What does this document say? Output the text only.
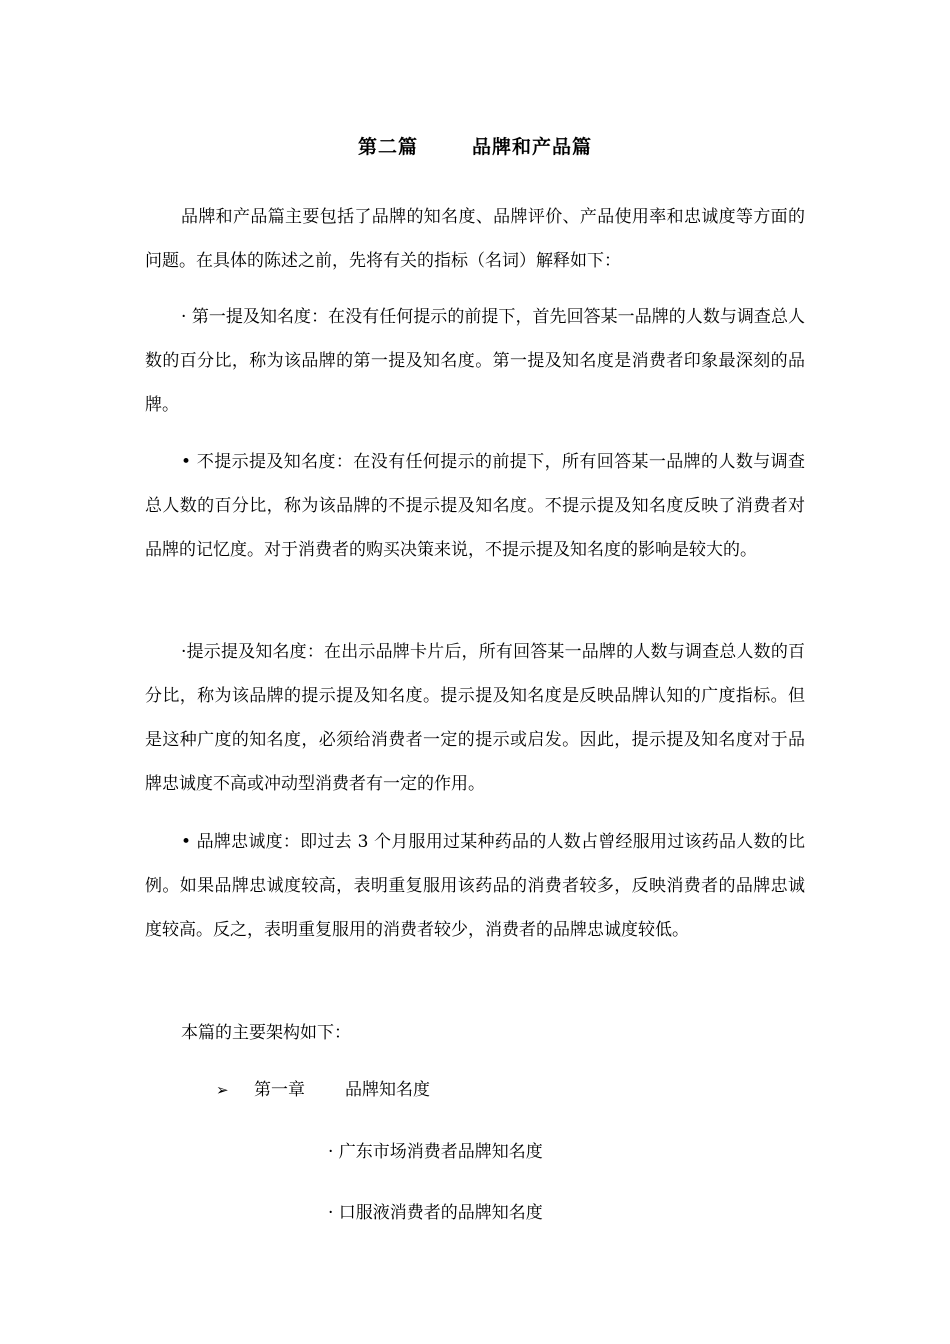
第二篇	品牌和产品篇
品牌和产品篇主要包括了品牌的知名度、品牌评价、产品使用率和忠诚度等方面的问题。在具体的陈述之前，先将有关的指标（名词）解释如下：
· 第一提及知名度：在没有任何提示的前提下，首先回答某一品牌的人数与调查总人数的百分比，称为该品牌的第一提及知名度。第一提及知名度是消费者印象最深刻的品牌。
• 不提示提及知名度：在没有任何提示的前提下，所有回答某一品牌的人数与调查总人数的百分比，称为该品牌的不提示提及知名度。不提示提及知名度反映了消费者对品牌的记忆度。对于消费者的购买决策来说，不提示提及知名度的影响是较大的。
·提示提及知名度：在出示品牌卡片后，所有回答某一品牌的人数与调查总人数的百分比，称为该品牌的提示提及知名度。提示提及知名度是反映品牌认知的广度指标。但是这种广度的知名度，必须给消费者一定的提示或启发。因此，提示提及知名度对于品牌忠诚度不高或冲动型消费者有一定的作用。
• 品牌忠诚度：即过去 3 个月服用过某种药品的人数占曾经服用过该药品人数的比例。如果品牌忠诚度较高，表明重复服用该药品的消费者较多，反映消费者的品牌忠诚度较高。反之，表明重复服用的消费者较少，消费者的品牌忠诚度较低。
本篇的主要架构如下：
➢ 第一章 品牌知名度
· 广东市场消费者品牌知名度
· 口服液消费者的品牌知名度
